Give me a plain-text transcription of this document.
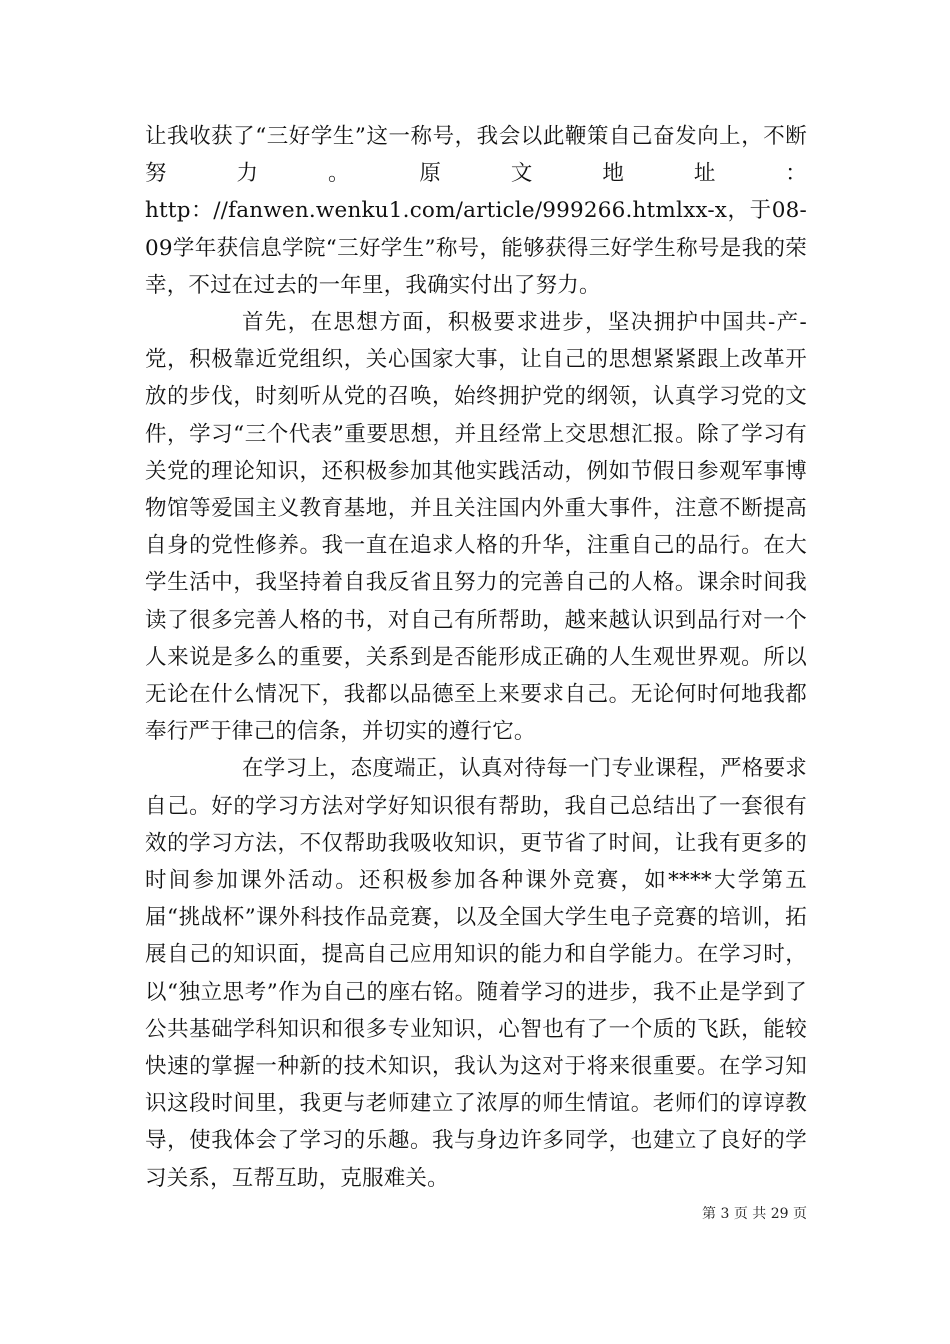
让我收获了“三好学生”这一称号，我会以此鞭策自己奋发向上，不断努力。原文地址：http：//fanwen.wenku1.com/article/999266.htmlxx-x，于08-09学年获信息学院“三好学生”称号，能够获得三好学生称号是我的荣幸，不过在过去的一年里，我确实付出了努力。

首先，在思想方面，积极要求进步，坚决拥护中国共-产-党，积极靠近党组织，关心国家大事，让自己的思想紧紧跟上改革开放的步伐，时刻听从党的召唤，始终拥护党的纲领，认真学习党的文件，学习“三个代表”重要思想，并且经常上交思想汇报。除了学习有关党的理论知识，还积极参加其他实践活动，例如节假日参观军事博物馆等爱国主义教育基地，并且关注国内外重大事件，注意不断提高自身的党性修养。我一直在追求人格的升华，注重自己的品行。在大学生活中，我坚持着自我反省且努力的完善自己的人格。课余时间我读了很多完善人格的书，对自己有所帮助，越来越认识到品行对一个人来说是多么的重要，关系到是否能形成正确的人生观世界观。所以无论在什么情况下，我都以品德至上来要求自己。无论何时何地我都奉行严于律己的信条，并切实的遵行它。

在学习上，态度端正，认真对待每一门专业课程，严格要求自己。好的学习方法对学好知识很有帮助，我自己总结出了一套很有效的学习方法，不仅帮助我吸收知识，更节省了时间，让我有更多的时间参加课外活动。还积极参加各种课外竞赛，如****大学第五届“挑战杯”课外科技作品竞赛，以及全国大学生电子竞赛的培训，拓展自己的知识面，提高自己应用知识的能力和自学能力。在学习时，以“独立思考”作为自己的座右铭。随着学习的进步，我不止是学到了公共基础学科知识和很多专业知识，心智也有了一个质的飞跃，能较快速的掌握一种新的技术知识，我认为这对于将来很重要。在学习知识这段时间里，我更与老师建立了浓厚的师生情谊。老师们的谆谆教导，使我体会了学习的乐趣。我与身边许多同学，也建立了良好的学习关系，互帮互助，克服难关。

第 3 页 共 29 页
